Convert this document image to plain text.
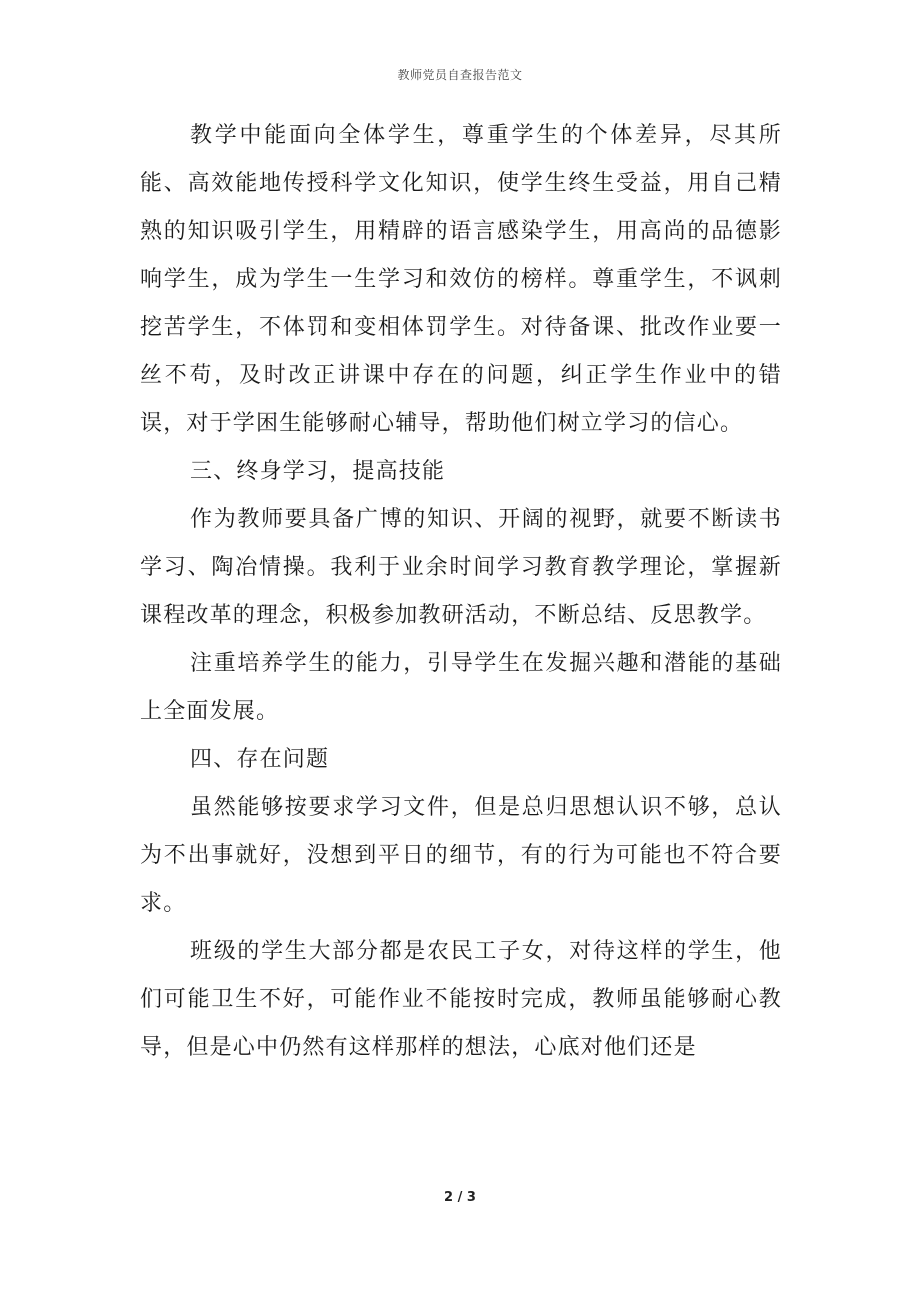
教师党员自查报告范文

教学中能面向全体学生，尊重学生的个体差异，尽其所能、高效能地传授科学文化知识，使学生终生受益，用自己精熟的知识吸引学生，用精辟的语言感染学生，用高尚的品德影响学生，成为学生一生学习和效仿的榜样。尊重学生，不讽刺挖苦学生，不体罚和变相体罚学生。对待备课、批改作业要一丝不苟，及时改正讲课中存在的问题，纠正学生作业中的错误，对于学困生能够耐心辅导，帮助他们树立学习的信心。

三、终身学习，提高技能

作为教师要具备广博的知识、开阔的视野，就要不断读书学习、陶冶情操。我利于业余时间学习教育教学理论，掌握新课程改革的理念，积极参加教研活动，不断总结、反思教学。

注重培养学生的能力，引导学生在发掘兴趣和潜能的基础上全面发展。

四、存在问题

虽然能够按要求学习文件，但是总归思想认识不够，总认为不出事就好，没想到平日的细节，有的行为可能也不符合要求。

班级的学生大部分都是农民工子女，对待这样的学生，他们可能卫生不好，可能作业不能按时完成，教师虽能够耐心教导，但是心中仍然有这样那样的想法，心底对他们还是

2 / 3
